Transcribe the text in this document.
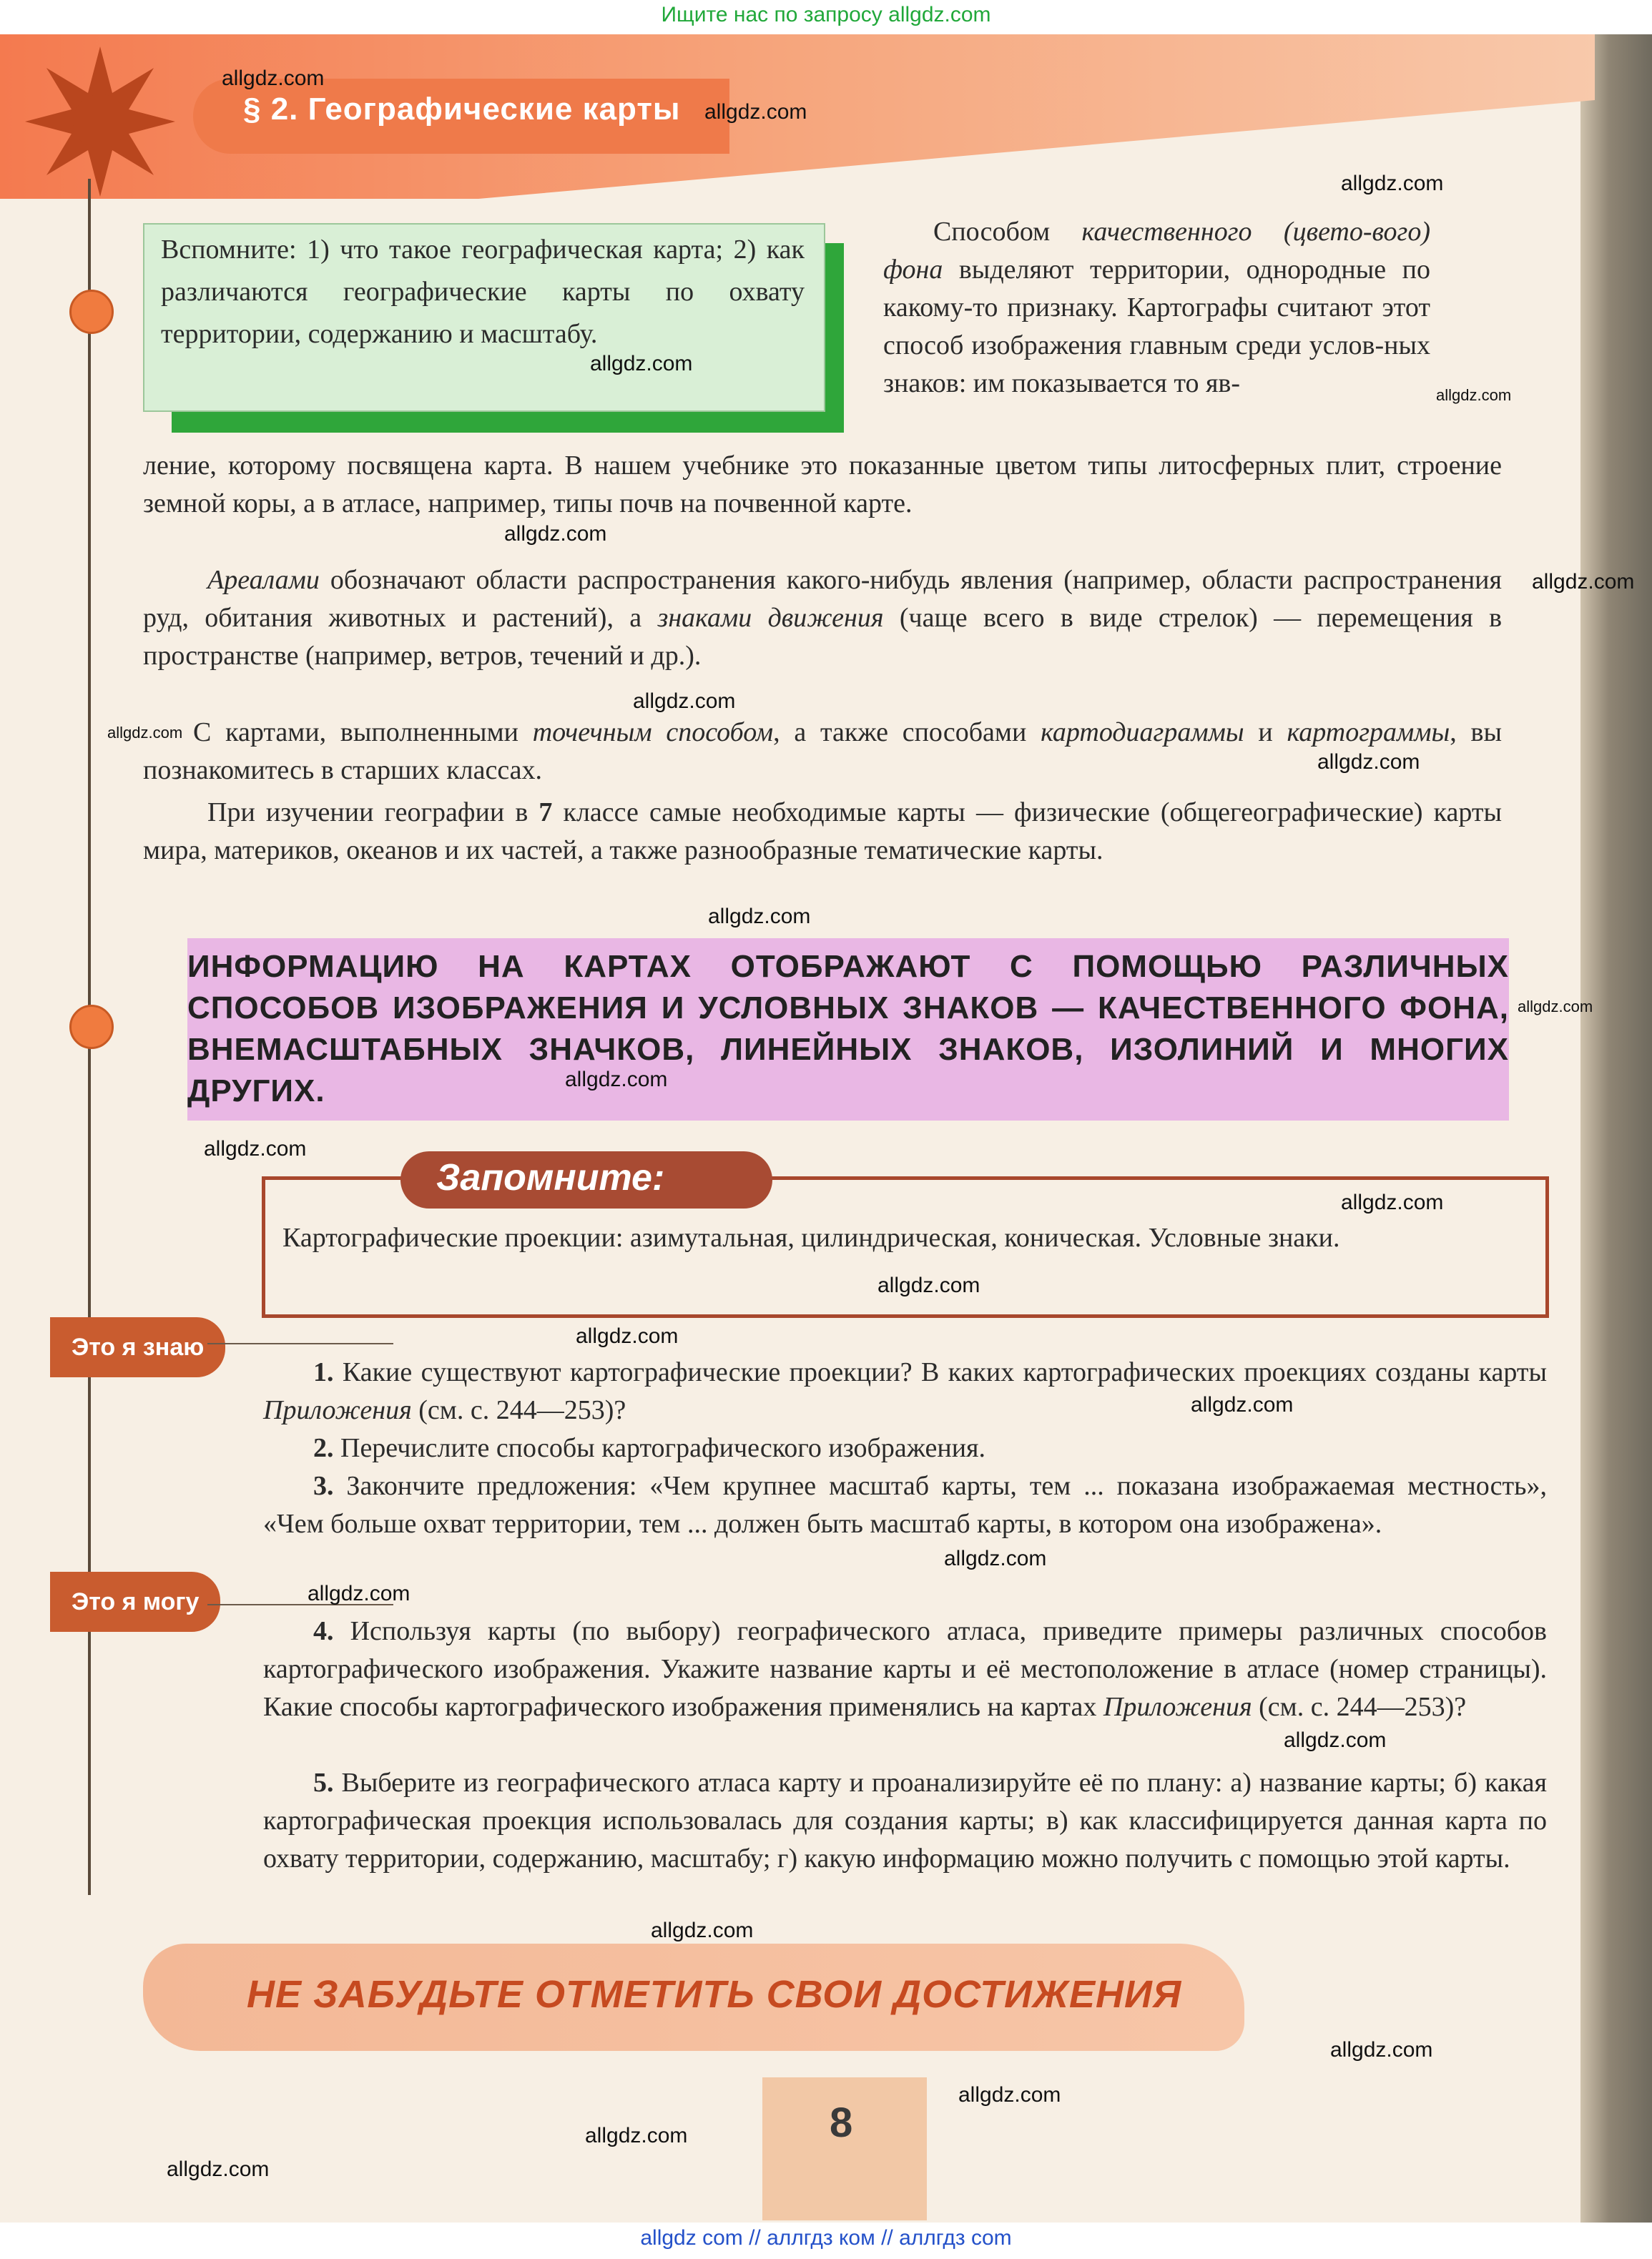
Ищите нас по запросу allgdz.com
§ 2. Географические карты
Вспомните: 1) что такое географическая карта; 2) как различаются географические карты по охвату территории, содержанию и масштабу.
Способом качественного (цвето-вого) фона выделяют территории, однородные по какому-то признаку. Картографы считают этот способ изображения главным среди услов-ных знаков: им показывается то яв-
ление, которому посвящена карта. В нашем учебнике это показанные цветом типы литосферных плит, строение земной коры, а в атласе, например, типы почв на почвенной карте.
Ареалами обозначают области распространения какого-нибудь явления (например, области распространения руд, обитания животных и растений), а знаками движения (чаще всего в виде стрелок) — перемещения в пространстве (например, ветров, течений и др.).
С картами, выполненными точечным способом, а также способами картодиаграммы и картограммы, вы познакомитесь в старших классах.
При изучении географии в 7 классе самые необходимые карты — физические (общегеографические) карты мира, материков, океанов и их частей, а также разнообразные тематические карты.
ИНФОРМАЦИЮ НА КАРТАХ ОТОБРАЖАЮТ С ПОМОЩЬЮ РАЗЛИЧНЫХ СПОСОБОВ ИЗОБРАЖЕНИЯ И УСЛОВНЫХ ЗНАКОВ — КАЧЕСТВЕННОГО ФОНА, ВНЕМАСШТАБНЫХ ЗНАЧКОВ, ЛИНЕЙНЫХ ЗНАКОВ, ИЗОЛИНИЙ И МНОГИХ ДРУГИХ.
Запомните:
Картографические проекции: азимутальная, цилиндрическая, коническая. Условные знаки.
Это я знаю
Это я могу
1. Какие существуют картографические проекции? В каких картографических проекциях созданы карты Приложения (см. с. 244—253)?
2. Перечислите способы картографического изображения.
3. Закончите предложения: «Чем крупнее масштаб карты, тем ... показана изображаемая местность», «Чем больше охват территории, тем ... должен быть масштаб карты, в котором она изображена».
4. Используя карты (по выбору) географического атласа, приведите примеры различных способов картографического изображения. Укажите название карты и её местоположение в атласе (номер страницы). Какие способы картографического изображения применялись на картах Приложения (см. с. 244—253)?
5. Выберите из географического атласа карту и проанализируйте её по плану: а) название карты; б) какая картографическая проекция использовалась для создания карты; в) как классифицируется данная карта по охвату территории, содержанию, масштабу; г) какую информацию можно получить с помощью этой карты.
НЕ ЗАБУДЬТЕ ОТМЕТИТЬ СВОИ ДОСТИЖЕНИЯ
8
allgdz.com
allgdz.com
allgdz.com
allgdz.com
allgdz.com
allgdz.com
allgdz.com
allgdz.com
allgdz.com
allgdz.com
allgdz.com
allgdz.com
allgdz.com
allgdz.com
allgdz.com
allgdz.com
allgdz.com
allgdz.com
allgdz.com
allgdz.com
allgdz.com
allgdz.com
allgdz.com
allgdz.com
allgdz.com
allgdz.com
allgdz com // аллгдз ком // аллгдз сom
